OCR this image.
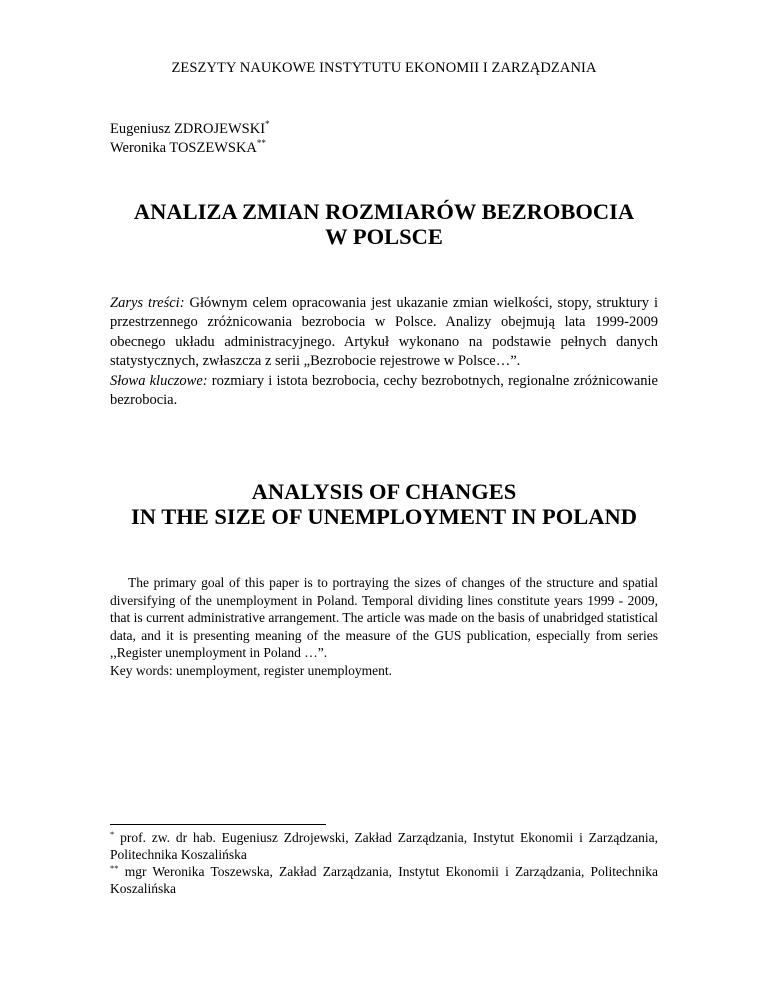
ZESZYTY NAUKOWE INSTYTUTU EKONOMII I ZARZĄDZANIA
Eugeniusz ZDROJEWSKI*
Weronika TOSZEWSKA**
ANALIZA ZMIAN ROZMIARÓW BEZROBOCIA
W POLSCE

Zarys treści: Głównym celem opracowania jest ukazanie zmian wielkości, stopy, struktury i przestrzennego zróżnicowania bezrobocia w Polsce. Analizy obejmują lata 1999-2009 obecnego układu administracyjnego. Artykuł wykonano na podstawie pełnych danych statystycznych, zwłaszcza z serii „Bezrobocie rejestrowe w Polsce…”.

Słowa kluczowe: rozmiary i istota bezrobocia, cechy bezrobotnych, regionalne zróżnicowanie bezrobocia.

ANALYSIS OF CHANGES
IN THE SIZE OF UNEMPLOYMENT IN POLAND

The primary goal of this paper is to portraying the sizes of changes of the structure and spatial diversifying of the unemployment in Poland. Temporal dividing lines constitute years 1999 - 2009, that is current administrative arrangement. The article was made on the basis of unabridged statistical data, and it is presenting meaning of the measure of the GUS publication, especially from series ,,Register unemployment in Poland …”.

Key words: unemployment, register unemployment.

* prof. zw. dr hab. Eugeniusz Zdrojewski, Zakład Zarządzania, Instytut Ekonomii i Zarządzania, Politechnika Koszalińska

** mgr Weronika Toszewska, Zakład Zarządzania, Instytut Ekonomii i Zarządzania, Politechnika Koszalińska
